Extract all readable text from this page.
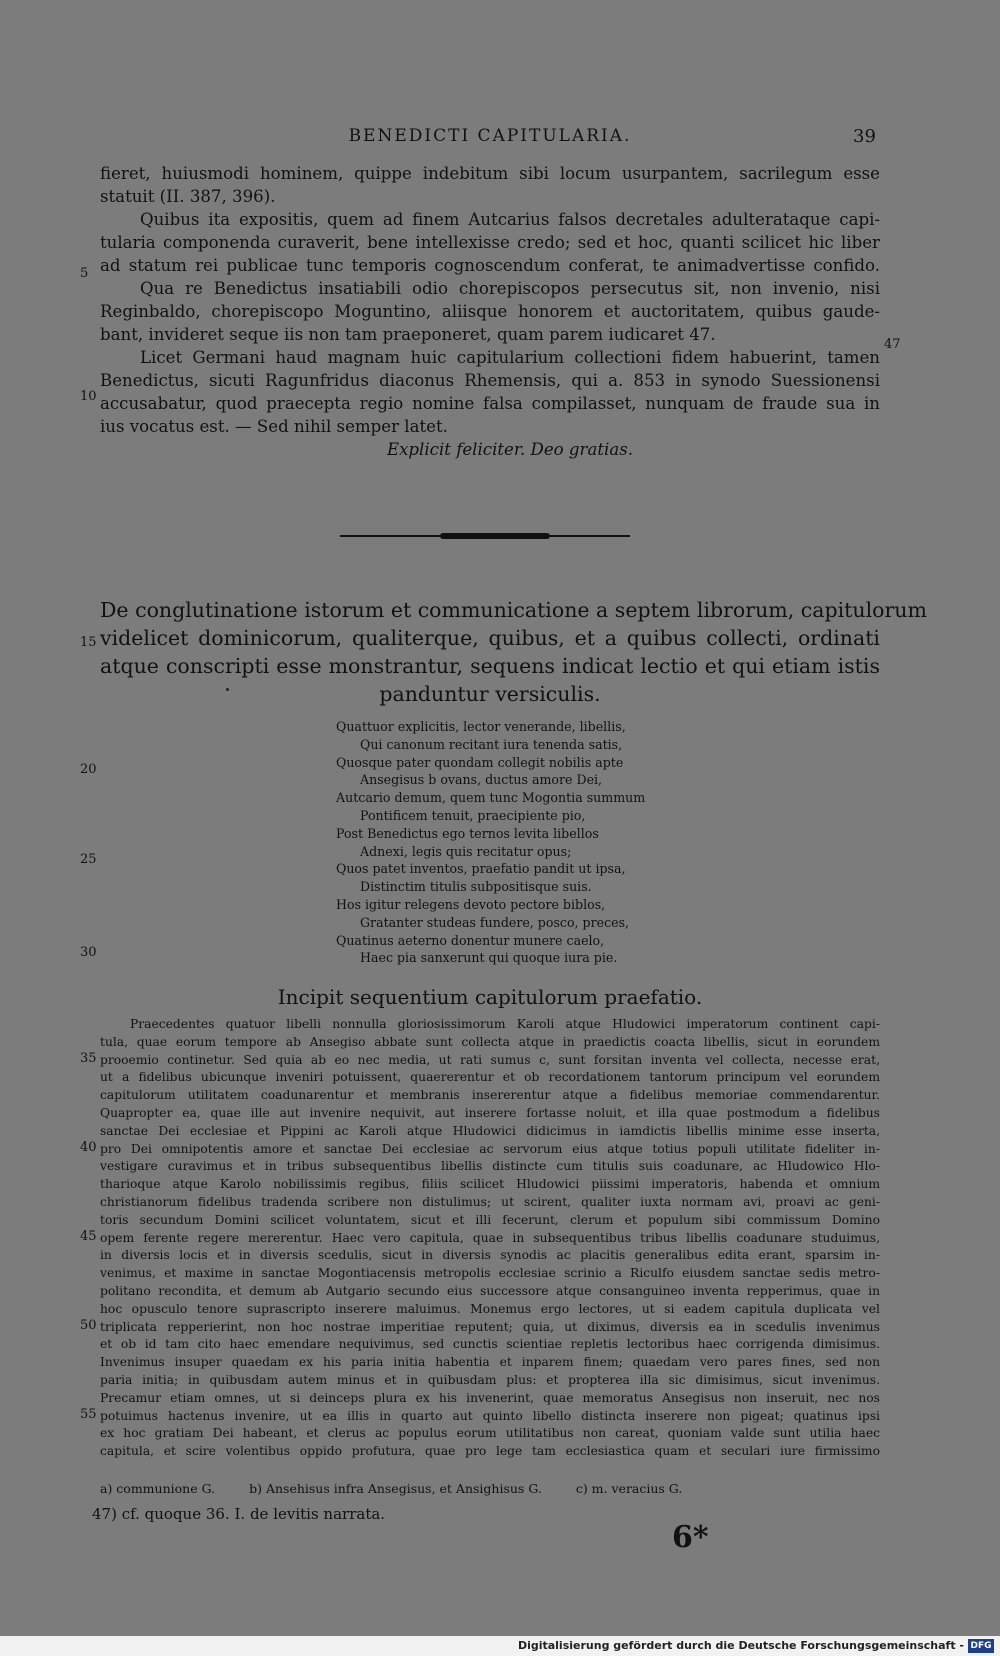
BENEDICTI CAPITULARIA.	39
fieret, huiusmodi hominem, quippe indebitum sibi locum usurpantem, sacrilegum esse
statuit (II. 387, 396).
Quibus ita expositis, quem ad finem Autcarius falsos decretales adulterataque capi-
tularia componenda curaverit, bene intellexisse credo; sed et hoc, quanti scilicet hic liber
ad statum rei publicae tunc temporis cognoscendum conferat, te animadvertisse confido.
Qua re Benedictus insatiabili odio chorepiscopos persecutus sit, non invenio, nisi
Reginbaldo, chorepiscopo Moguntino, aliisque honorem et auctoritatem, quibus gaude-
bant, invideret seque iis non tam praeponeret, quam parem iudicaret 47.
Licet Germani haud magnam huic capitularium collectioni fidem habuerint, tamen
Benedictus, sicuti Ragunfridus diaconus Rhemensis, qui a. 853 in synodo Suessionensi
accusabatur, quod praecepta regio nomine falsa compilasset, nunquam de fraude sua in
ius vocatus est. — Sed nihil semper latet.
Explicit feliciter. Deo gratias.
5
10
47
De conglutinatione istorum et communicatione a septem librorum, capitulorum
videlicet dominicorum, qualiterque, quibus, et a quibus collecti, ordinati
atque conscripti esse monstrantur, sequens indicat lectio et qui etiam istis
panduntur versiculis.
15
Quattuor explicitis, lector venerande, libellis,
Qui canonum recitant iura tenenda satis,
Quosque pater quondam collegit nobilis apte
Ansegisus b ovans, ductus amore Dei,
Autcario demum, quem tunc Mogontia summum
Pontificem tenuit, praecipiente pio,
Post Benedictus ego ternos levita libellos
Adnexi, legis quis recitatur opus;
Quos patet inventos, praefatio pandit ut ipsa,
Distinctim titulis subpositisque suis.
Hos igitur relegens devoto pectore biblos,
Gratanter studeas fundere, posco, preces,
Quatinus aeterno donentur munere caelo,
Haec pia sanxerunt qui quoque iura pie.
20
25
30
Incipit sequentium capitulorum praefatio.
Praecedentes quatuor libelli nonnulla gloriosissimorum Karoli atque Hludowici imperatorum continent capi-
tula, quae eorum tempore ab Ansegiso abbate sunt collecta atque in praedictis coacta libellis, sicut in eorundem
prooemio continetur. Sed quia ab eo nec media, ut rati sumus c, sunt forsitan inventa vel collecta, necesse erat,
ut a fidelibus ubicunque inveniri potuissent, quaererentur et ob recordationem tantorum principum vel eorundem
capitulorum utilitatem coadunarentur et membranis insererentur atque a fidelibus memoriae commendarentur.
Quapropter ea, quae ille aut invenire nequivit, aut inserere fortasse noluit, et illa quae postmodum a fidelibus
sanctae Dei ecclesiae et Pippini ac Karoli atque Hludowici didicimus in iamdictis libellis minime esse inserta,
pro Dei omnipotentis amore et sanctae Dei ecclesiae ac servorum eius atque totius populi utilitate fideliter in-
vestigare curavimus et in tribus subsequentibus libellis distincte cum titulis suis coadunare, ac Hludowico Hlo-
tharioque atque Karolo nobilissimis regibus, filiis scilicet Hludowici piissimi imperatoris, habenda et omnium
christianorum fidelibus tradenda scribere non distulimus; ut scirent, qualiter iuxta normam avi, proavi ac geni-
toris secundum Domini scilicet voluntatem, sicut et illi fecerunt, clerum et populum sibi commissum Domino
opem ferente regere mererentur. Haec vero capitula, quae in subsequentibus tribus libellis coadunare studuimus,
in diversis locis et in diversis scedulis, sicut in diversis synodis ac placitis generalibus edita erant, sparsim in-
venimus, et maxime in sanctae Mogontiacensis metropolis ecclesiae scrinio a Riculfo eiusdem sanctae sedis metro-
politano recondita, et demum ab Autgario secundo eius successore atque consanguineo inventa repperimus, quae in
hoc opusculo tenore suprascripto inserere maluimus. Monemus ergo lectores, ut si eadem capitula duplicata vel
triplicata repperierint, non hoc nostrae imperitiae reputent; quia, ut diximus, diversis ea in scedulis invenimus
et ob id tam cito haec emendare nequivimus, sed cunctis scientiae repletis lectoribus haec corrigenda dimisimus.
Invenimus insuper quaedam ex his paria initia habentia et inparem finem; quaedam vero pares fines, sed non
paria initia; in quibusdam autem minus et in quibusdam plus: et propterea illa sic dimisimus, sicut invenimus.
Precamur etiam omnes, ut si deinceps plura ex his invenerint, quae memoratus Ansegisus non inseruit, nec nos
potuimus hactenus invenire, ut ea illis in quarto aut quinto libello distincta inserere non pigeat; quatinus ipsi
ex hoc gratiam Dei habeant, et clerus ac populus eorum utilitatibus non careat, quoniam valde sunt utilia haec
capitula, et scire volentibus oppido profutura, quae pro lege tam ecclesiastica quam et seculari iure firmissimo
35
40
45
50
55
a) communione G.	b) Ansehisus infra Ansegisus, et Ansighisus G.	c) m. veracius G.
47) cf. quoque 36. I. de levitis narrata.
6*
Digitalisierung gefördert durch die Deutsche Forschungsgemeinschaft - DFG
